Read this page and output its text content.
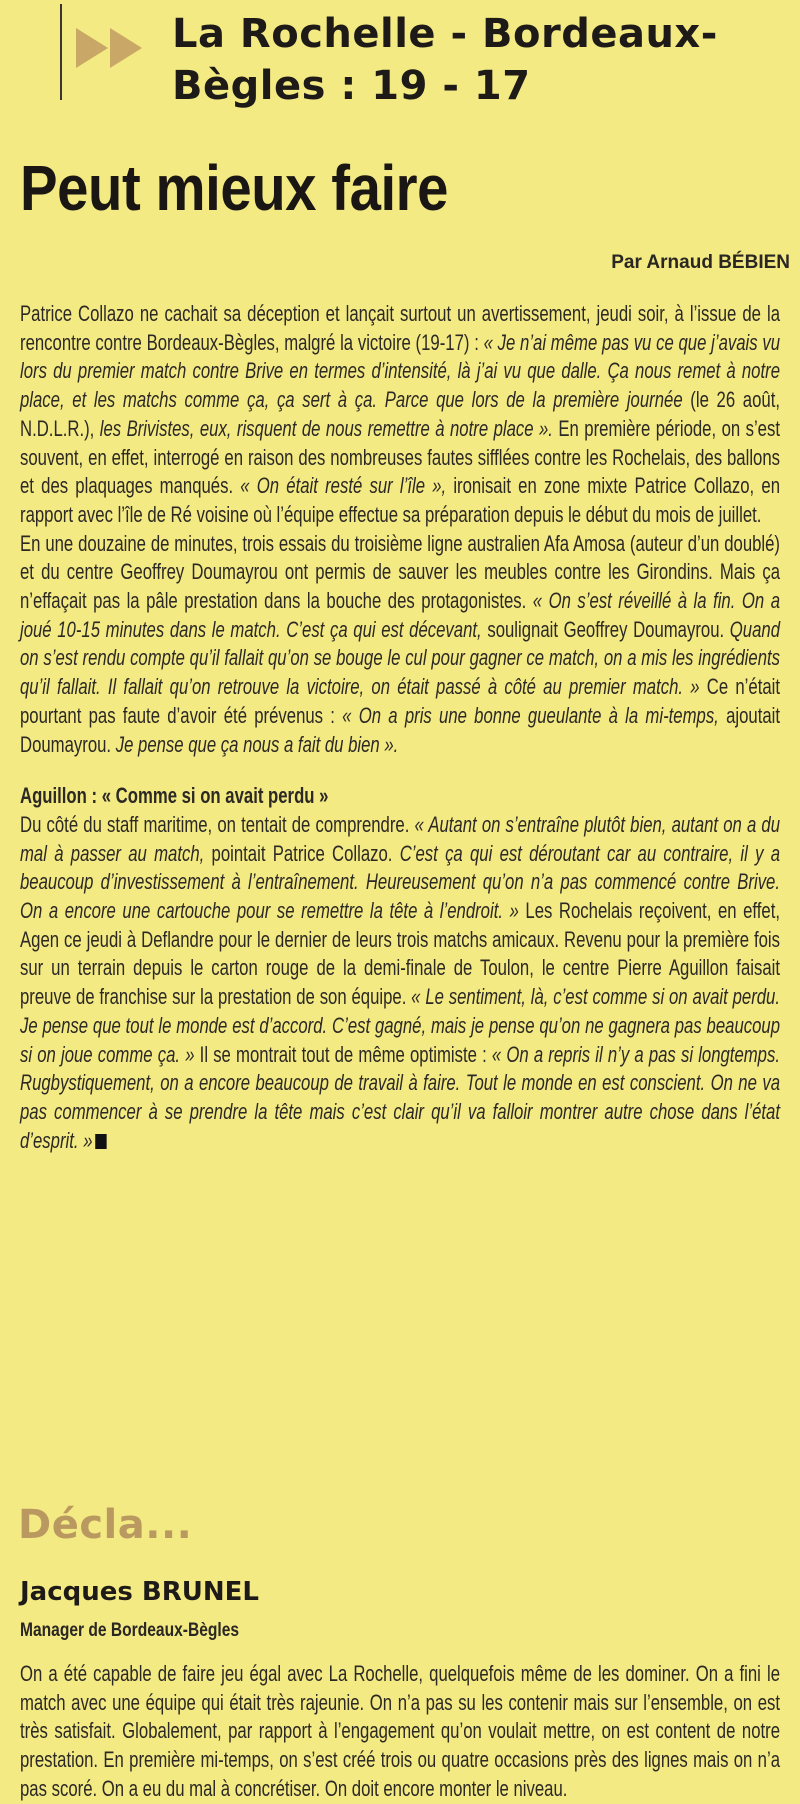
La Rochelle - Bordeaux-Bègles : 19 - 17
Peut mieux faire
Par Arnaud BÉBIEN

Patrice Collazo ne cachait sa déception et lançait surtout un avertissement, jeudi soir, à l’issue de la rencontre contre Bordeaux-Bègles, malgré la victoire (19-17) : « Je n’ai même pas vu ce que j’avais vu lors du premier match contre Brive en termes d’intensité, là j’ai vu que dalle. Ça nous remet à notre place, et les matchs comme ça, ça sert à ça. Parce que lors de la première journée (le 26 août, N.D.L.R.), les Brivistes, eux, risquent de nous remettre à notre place ». En première période, on s’est souvent, en effet, interrogé en raison des nombreuses fautes sifflées contre les Rochelais, des ballons et des plaquages manqués. « On était resté sur l’île », ironisait en zone mixte Patrice Collazo, en rapport avec l’île de Ré voisine où l’équipe effectue sa préparation depuis le début du mois de juillet.

En une douzaine de minutes, trois essais du troisième ligne australien Afa Amosa (auteur d’un doublé) et du centre Geoffrey Doumayrou ont permis de sauver les meubles contre les Girondins. Mais ça n’effaçait pas la pâle prestation dans la bouche des protagonistes. « On s’est réveillé à la fin. On a joué 10-15 minutes dans le match. C’est ça qui est décevant, soulignait Geoffrey Doumayrou. Quand on s’est rendu compte qu’il fallait qu’on se bouge le cul pour gagner ce match, on a mis les ingrédients qu’il fallait. Il fallait qu’on retrouve la victoire, on était passé à côté au premier match. » Ce n’était pourtant pas faute d’avoir été prévenus : « On a pris une bonne gueulante à la mi-temps, ajoutait Doumayrou. Je pense que ça nous a fait du bien ».

Aguillon : « Comme si on avait perdu »

Du côté du staff maritime, on tentait de comprendre. « Autant on s’entraîne plutôt bien, autant on a du mal à passer au match, pointait Patrice Collazo. C’est ça qui est déroutant car au contraire, il y a beaucoup d’investissement à l’entraînement. Heureusement qu’on n’a pas commencé contre Brive. On a encore une cartouche pour se remettre la tête à l’endroit. » Les Rochelais reçoivent, en effet, Agen ce jeudi à Deflandre pour le dernier de leurs trois matchs amicaux. Revenu pour la première fois sur un terrain depuis le carton rouge de la demi-finale de Toulon, le centre Pierre Aguillon faisait preuve de franchise sur la prestation de son équipe. « Le sentiment, là, c’est comme si on avait perdu. Je pense que tout le monde est d’accord. C’est gagné, mais je pense qu’on ne gagnera pas beaucoup si on joue comme ça. » Il se montrait tout de même optimiste : « On a repris il n’y a pas si longtemps. Rugbystiquement, on a encore beaucoup de travail à faire. Tout le monde en est conscient. On ne va pas commencer à se prendre la tête mais c’est clair qu’il va falloir montrer autre chose dans l’état d’esprit. »

Décla...
Jacques BRUNEL
Manager de Bordeaux-Bègles

On a été capable de faire jeu égal avec La Rochelle, quelquefois même de les dominer. On a fini le match avec une équipe qui était très rajeunie. On n’a pas su les contenir mais sur l’ensemble, on est très satisfait. Globalement, par rapport à l’engagement qu’on voulait mettre, on est content de notre prestation. En première mi-temps, on s’est créé trois ou quatre occasions près des lignes mais on n’a pas scoré. On a eu du mal à concrétiser. On doit encore monter le niveau.
